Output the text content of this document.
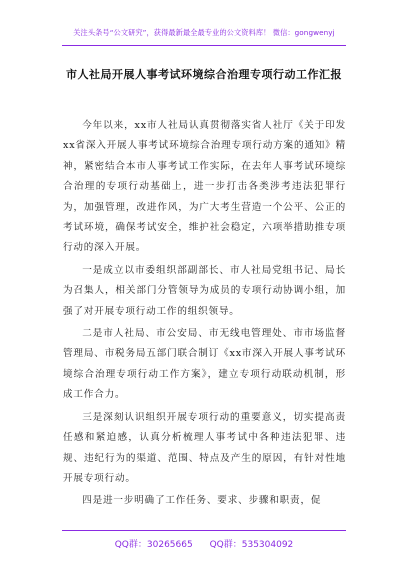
关注头条号“公文研究”，获得最新最全最专业的公文资料库！ 微信：gongwenyj
市人社局开展人事考试环境综合治理专项行动工作汇报

今年以来，xx市人社局认真贯彻落实省人社厅《关于印发xx省深入开展人事考试环境综合治理专项行动方案的通知》精神，紧密结合本市人事考试工作实际，在去年人事考试环境综合治理的专项行动基础上，进一步打击各类涉考违法犯罪行为，加强管理，改进作风，为广大考生营造一个公平、公正的考试环境，确保考试安全，维护社会稳定，六项举措助推专项行动的深入开展。

一是成立以市委组织部副部长、市人社局党组书记、局长为召集人，相关部门分管领导为成员的专项行动协调小组，加强了对开展专项行动工作的组织领导。

二是市人社局、市公安局、市无线电管理处、市市场监督管理局、市税务局五部门联合制订《xx市深入开展人事考试环境综合治理专项行动工作方案》，建立专项行动联动机制，形成工作合力。

三是深刻认识组织开展专项行动的重要意义，切实提高责任感和紧迫感，认真分析梳理人事考试中各种违法犯罪、违规、违纪行为的渠道、范围、特点及产生的原因，有针对性地开展专项行动。

四是进一步明确了工作任务、要求、步骤和职责，促

QQ群：30265665 QQ群：535304092
